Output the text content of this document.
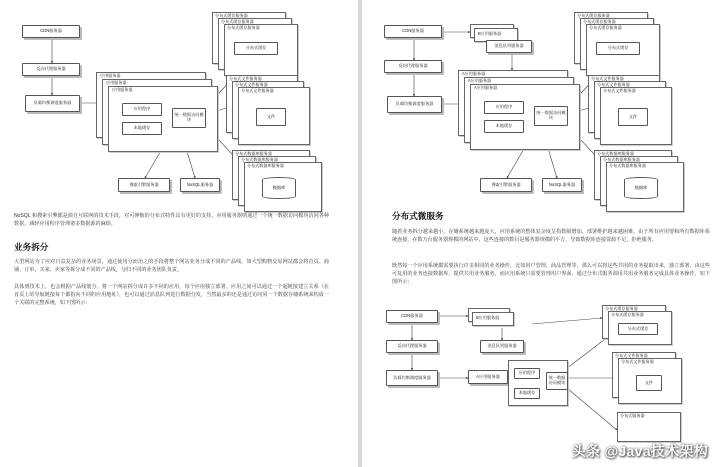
CDN服务器
反向代理服务器
负载均衡调度服务器
应用服务器
应用服务器
应用服务器
应用程序
本地缓存
统一数据访问模块
分布式缓存服务器
分布式缓存服务器
分布式缓存服务器
分布式缓存
分布式文件服务器
分布式文件服务器
分布式文件服务器
文件
分布式数据库服务器
分布式数据库服务器
分布式数据库服务器
数据库
搜索引擎服务器	NoSQL服务器
NoSQL 和搜索引擎都是源自互联网的技术手段，对可伸缩的分布式特性具有更好的支持。应用服务器则通过一个统一数据访问模块访问各种数据，减轻应用程序管理诸多数据源的麻烦。
业务拆分
大型网站为了应对日益复杂的业务场景，通过使用分而治之的手段将整个网站业务分成不同的产品线。如大型购物交易网站都会将首页、商铺、订单、买家、卖家等拆分成不同的产品线，分归不同的业务团队负责。
具体到技术上，也会根据产品线划分，将一个网站拆分成许多不同的应用，每个应用独立部署。应用之间可以通过一个超链接建立关系（在首页上的导航链接每个都指向不同的应用地址），也可以通过消息队列进行数据分发，当然最多的还是通过访问同一个数据存储系统来构成一个关联的完整系统，如下图所示：
CDN服务器
B应用服务器
消息队列服务器
反向代理服务器
负载均衡调度服务器
A应用服务器
A应用服务器
A应用服务器
应用程序
本地缓存
统一数据访问模块
分布式缓存服务器
分布式缓存服务器
分布式缓存服务器
分布式缓存
分布式文件服务器
分布式文件服务器
分布式文件服务器
文件
分布式数据库服务器
分布式数据库服务器
分布式数据库服务器
数据库
搜索引擎服务器	NoSQL服务器
分布式微服务
随着业务拆分越来越小，存储系统越来越庞大，应用系统的整体复杂度呈指数级增加，部署维护越来越困难。由于所有应用要和所有数据库系统连接，在数万台服务器规模的网站中，这些连接的数目是服务器规模的平方，导致数据库连接资源不足，拒绝服务。
既然每一个应用系统都需要执行许多相同的业务操作，比如用户管理，商品管理等，那么可以将这些共用的业务提取出来，独立部署。由这些可复用的业务连接数据库，提供共用业务服务，而应用系统只需要管理用户界面，通过分布式服务调用共用业务服务完成具体业务操作，如下图所示：
CDN服务器	B应用服务器
反向代理服务器	消息队列服务器
负载均衡调度服务器	A应用服务器
应用程序
本地缓存
统一数据访问模块
分布式缓存服务器
分布式缓存服务器
分布式缓存
分布式文件服务器
分布式文件服务器
文件
分布式服务器
头条 @Java技术架构
